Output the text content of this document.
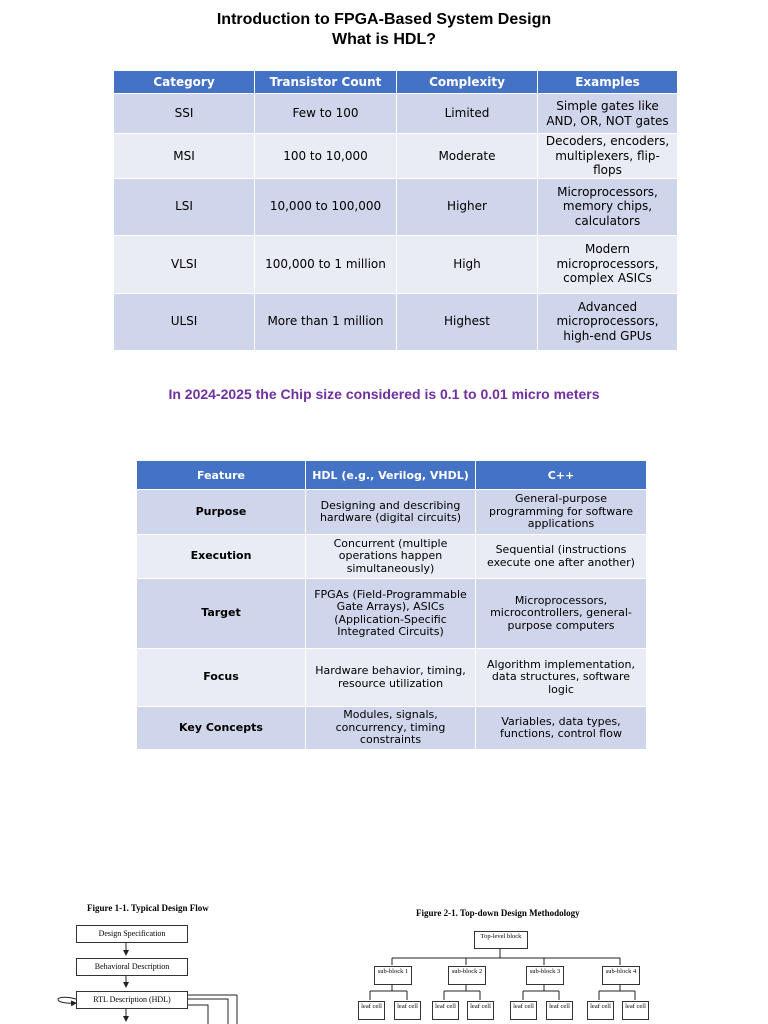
Introduction to FPGA-Based System Design
What is HDL?
Category	Transistor Count	Complexity	Examples
SSI	Few to 100	Limited	Simple gates like AND, OR, NOT gates
MSI	100 to 10,000	Moderate	Decoders, encoders, multiplexers, flip-flops
LSI	10,000 to 100,000	Higher	Microprocessors, memory chips, calculators
VLSI	100,000 to 1 million	High	Modern microprocessors, complex ASICs
ULSI	More than 1 million	Highest	Advanced microprocessors, high-end GPUs
In 2024-2025 the Chip size considered is 0.1 to 0.01 micro meters
Feature	HDL (e.g., Verilog, VHDL)	C++
Purpose	Designing and describing hardware (digital circuits)	General-purpose programming for software applications
Execution	Concurrent (multiple operations happen simultaneously)	Sequential (instructions execute one after another)
Target	FPGAs (Field-Programmable Gate Arrays), ASICs (Application-Specific Integrated Circuits)	Microprocessors, microcontrollers, general-purpose computers
Focus	Hardware behavior, timing, resource utilization	Algorithm implementation, data structures, software logic
Key Concepts	Modules, signals, concurrency, timing constraints	Variables, data types, functions, control flow
Figure 1-1. Typical Design Flow
Design Specification
Behavioral Description
RTL Description (HDL)
Figure 2-1. Top-down Design Methodology
Top-level block
sub-block 1	sub-block 2	sub-block 3	sub-block 4
leaf cell	leaf cell	leaf cell	leaf cell	leaf cell	leaf cell	leaf cell	leaf cell
